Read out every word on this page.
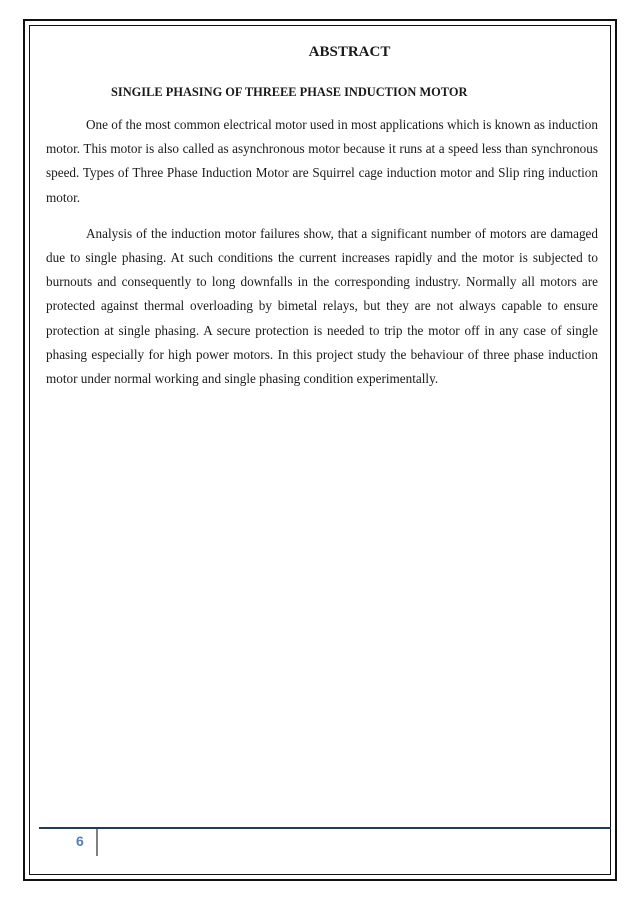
ABSTRACT
SINGILE PHASING OF THREEE PHASE INDUCTION MOTOR

One of the most common electrical motor used in most applications which is known as induction motor. This motor is also called as asynchronous motor because it runs at a speed less than synchronous speed. Types of Three Phase Induction Motor are Squirrel cage induction motor and Slip ring induction motor.

Analysis of the induction motor failures show, that a significant number of motors are damaged due to single phasing. At such conditions the current increases rapidly and the motor is subjected to burnouts and consequently to long downfalls in the corresponding industry. Normally all motors are protected against thermal overloading by bimetal relays, but they are not always capable to ensure protection at single phasing. A secure protection is needed to trip the motor off in any case of single phasing especially for high power motors. In this project study the behaviour of three phase induction motor under normal working and single phasing condition experimentally.

6
